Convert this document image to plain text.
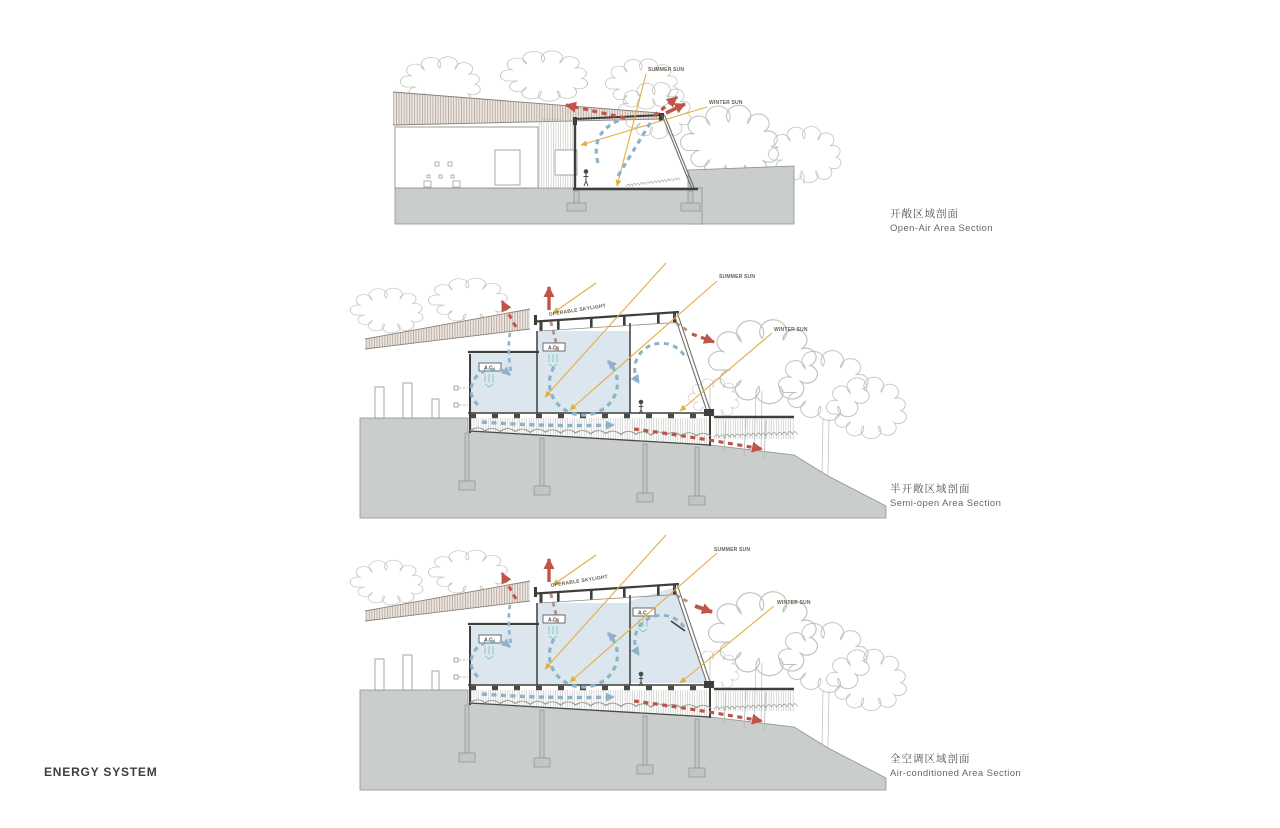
SUMMER SUN
WINTER SUN
A.C.
A.C.
SUMMER SUN
WINTER SUN
OPERABLE SKYLIGHT
A.C.
A.C.
A.C.
SUMMER SUN
WINTER SUN
OPERABLE SKYLIGHT
开敞区域剖面
Open-Air Area Section
半开敞区域剖面
Semi-open Area Section
全空调区域剖面
Air-conditioned Area Section
ENERGY SYSTEM
